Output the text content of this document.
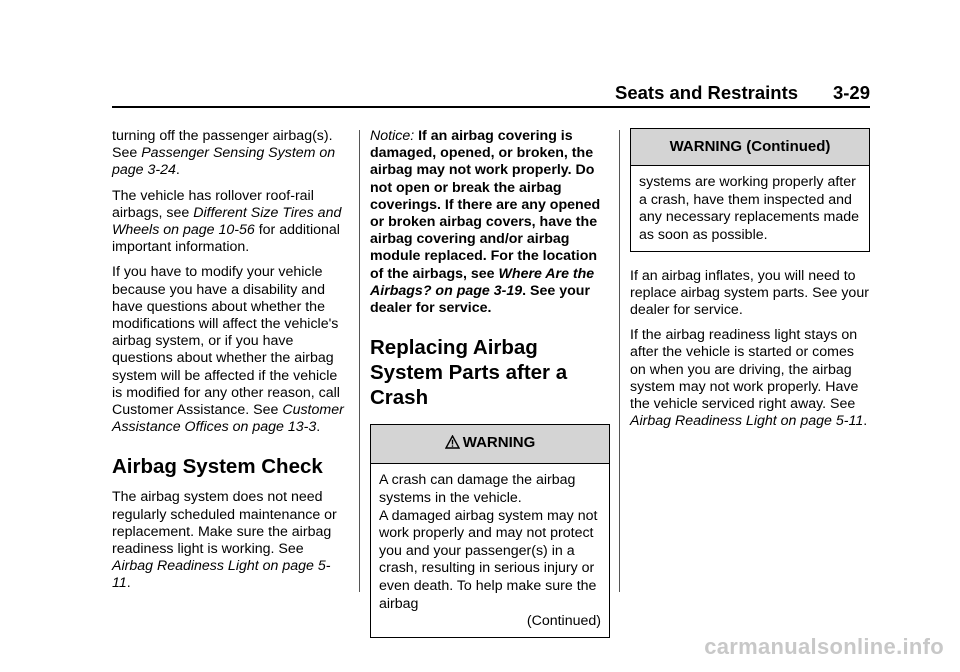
Seats and Restraints 3-29

turning off the passenger airbag(s). See Passenger Sensing System on page 3-24.

The vehicle has rollover roof-rail airbags, see Different Size Tires and Wheels on page 10-56 for additional important information.

If you have to modify your vehicle because you have a disability and have questions about whether the modifications will affect the vehicle's airbag system, or if you have questions about whether the airbag system will be affected if the vehicle is modified for any other reason, call Customer Assistance. See Customer Assistance Offices on page 13-3.

Airbag System Check

The airbag system does not need regularly scheduled maintenance or replacement. Make sure the airbag readiness light is working. See Airbag Readiness Light on page 5-11.

Notice: If an airbag covering is damaged, opened, or broken, the airbag may not work properly. Do not open or break the airbag coverings. If there are any opened or broken airbag covers, have the airbag covering and/or airbag module replaced. For the location of the airbags, see Where Are the Airbags? on page 3-19. See your dealer for service.

Replacing Airbag System Parts after a Crash
WARNING
A crash can damage the airbag systems in the vehicle.
A damaged airbag system may not work properly and may not protect you and your passenger(s) in a crash, resulting in serious injury or even death. To help make sure the airbag
(Continued)
WARNING (Continued)
systems are working properly after a crash, have them inspected and any necessary replacements made as soon as possible.

If an airbag inflates, you will need to replace airbag system parts. See your dealer for service.

If the airbag readiness light stays on after the vehicle is started or comes on when you are driving, the airbag system may not work properly. Have the vehicle serviced right away. See Airbag Readiness Light on page 5-11.

carmanualsonline.info
